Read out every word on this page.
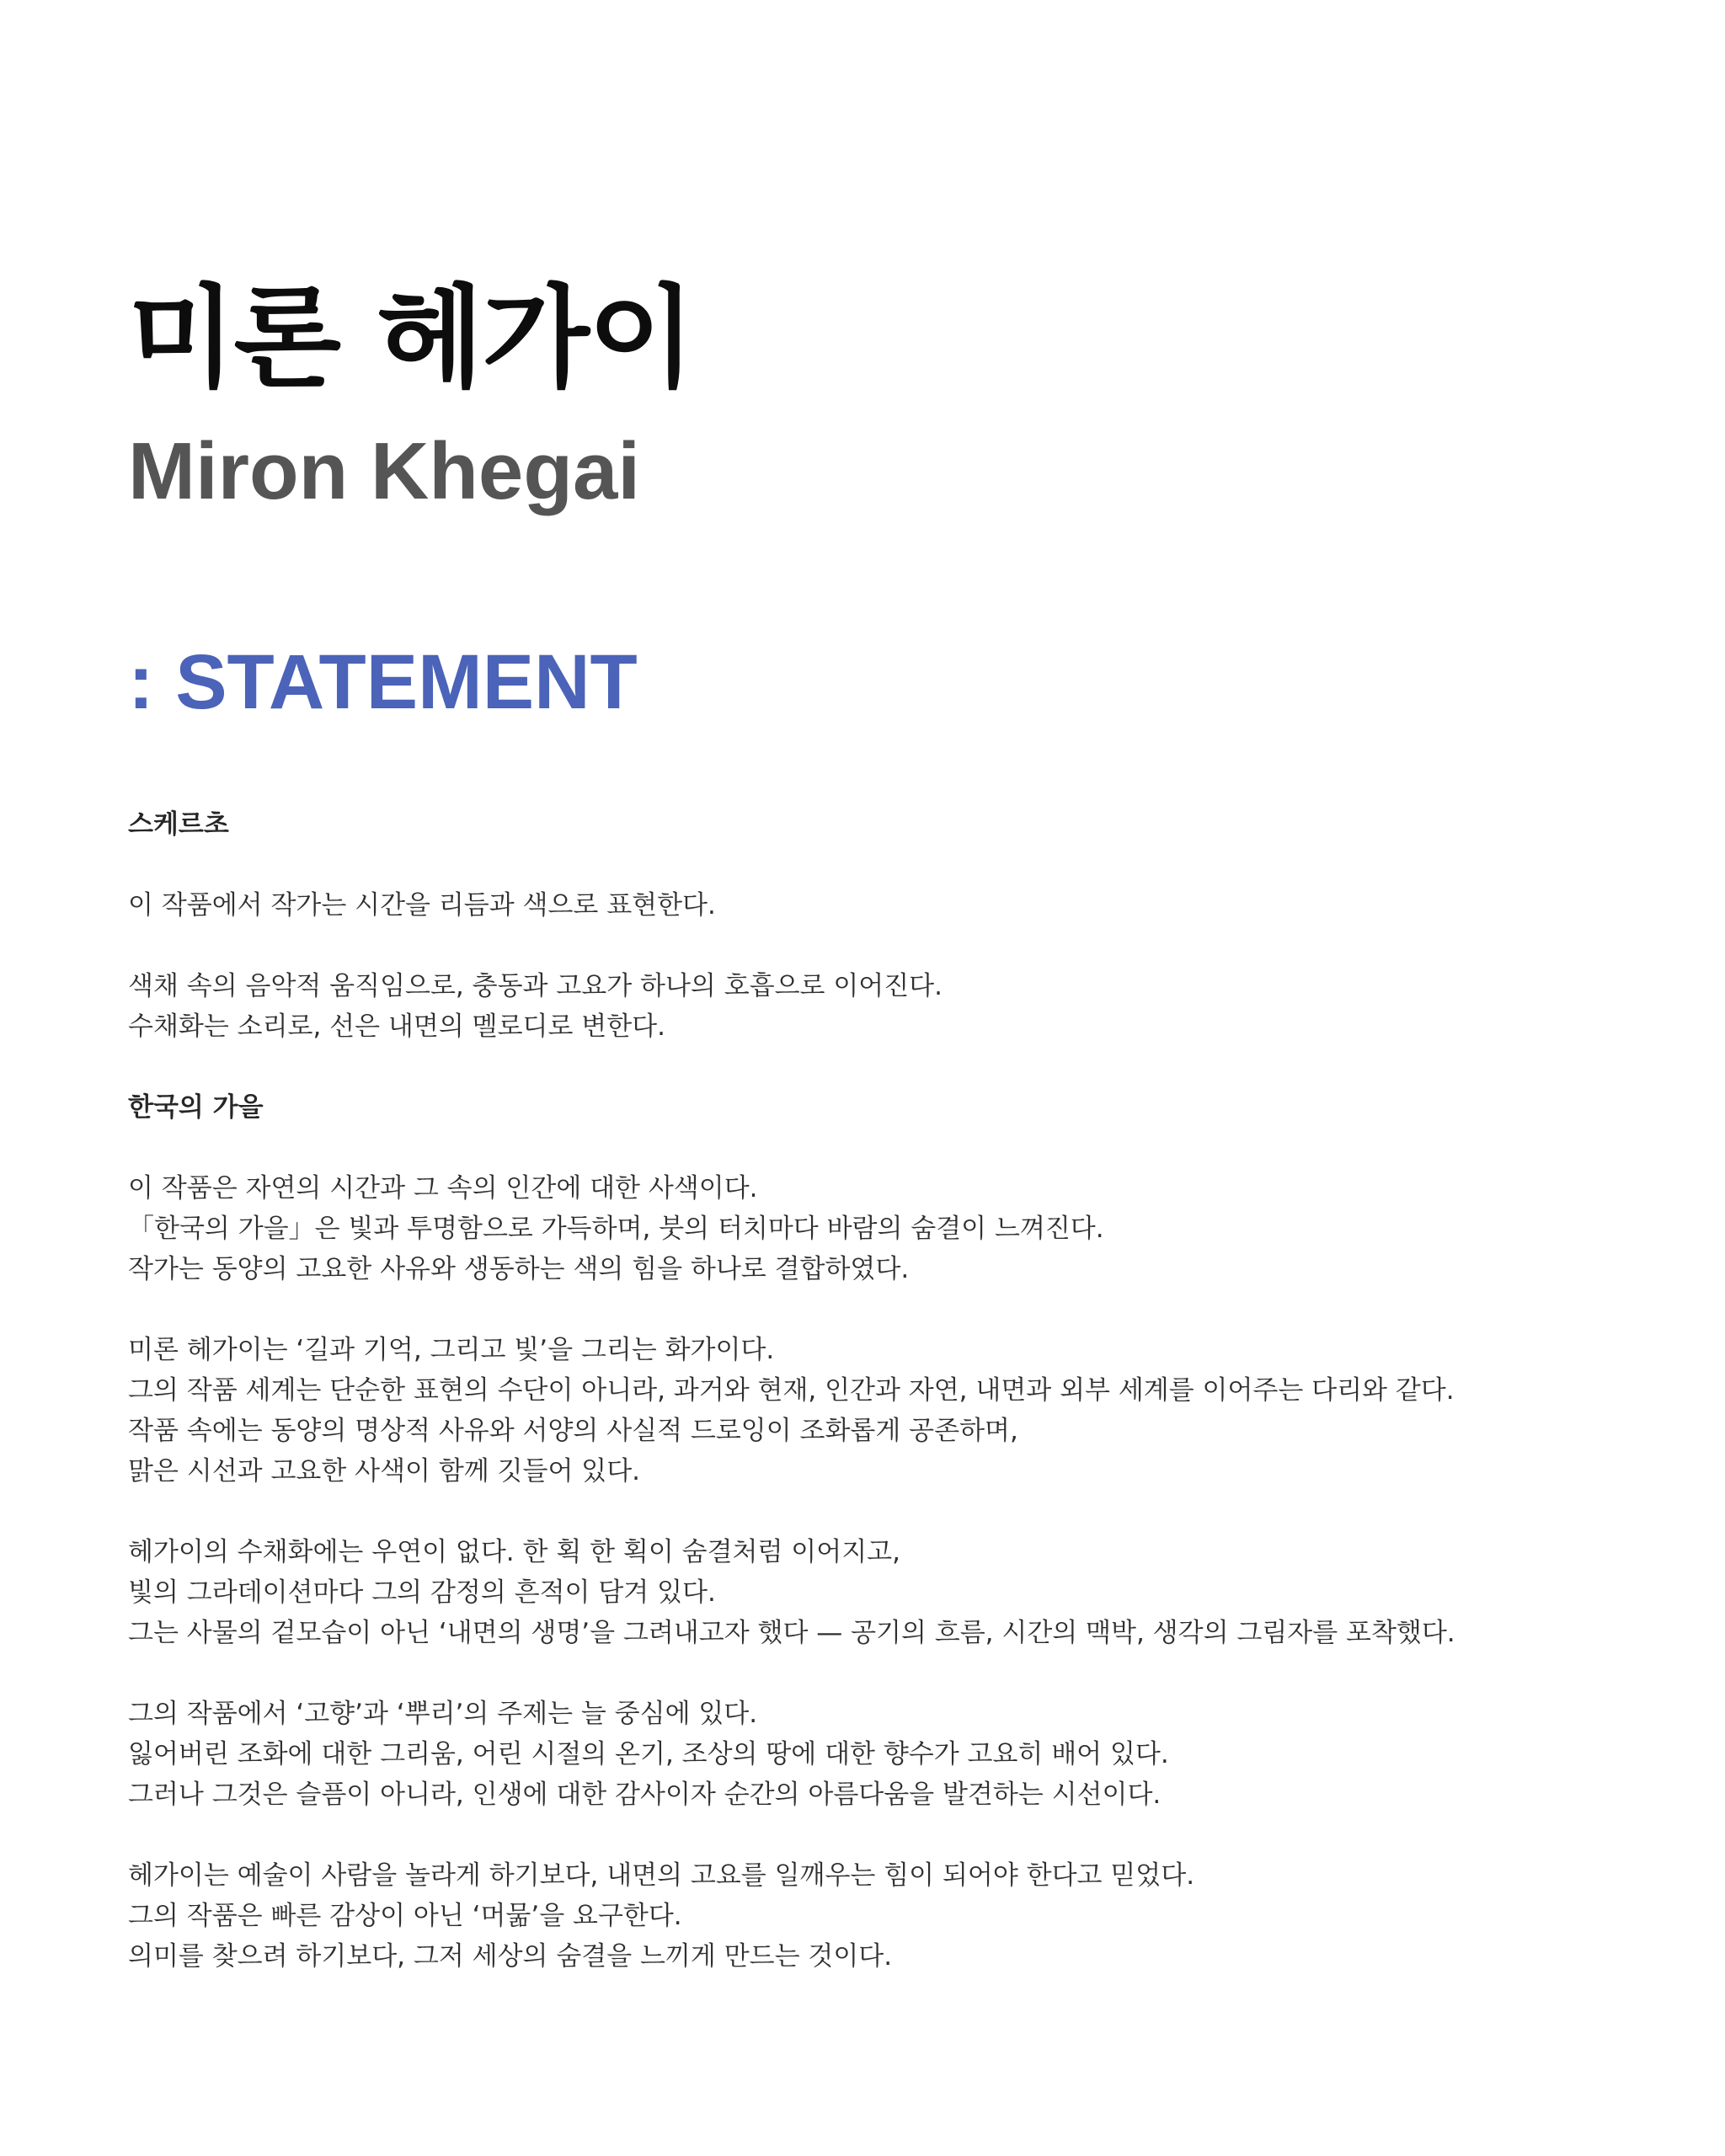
미론 헤가이
Miron Khegai
: STATEMENT
스케르초
이 작품에서 작가는 시간을 리듬과 색으로 표현한다.
색채 속의 음악적 움직임으로, 충동과 고요가 하나의 호흡으로 이어진다.
수채화는 소리로, 선은 내면의 멜로디로 변한다.
한국의 가을
이 작품은 자연의 시간과 그 속의 인간에 대한 사색이다.
「한국의 가을」은 빛과 투명함으로 가득하며, 붓의 터치마다 바람의 숨결이 느껴진다.
작가는 동양의 고요한 사유와 생동하는 색의 힘을 하나로 결합하였다.
미론 헤가이는 ‘길과 기억, 그리고 빛’을 그리는 화가이다.
그의 작품 세계는 단순한 표현의 수단이 아니라, 과거와 현재, 인간과 자연, 내면과 외부 세계를 이어주는 다리와 같다.
작품 속에는 동양의 명상적 사유와 서양의 사실적 드로잉이 조화롭게 공존하며,
맑은 시선과 고요한 사색이 함께 깃들어 있다.
헤가이의 수채화에는 우연이 없다. 한 획 한 획이 숨결처럼 이어지고,
빛의 그라데이션마다 그의 감정의 흔적이 담겨 있다.
그는 사물의 겉모습이 아닌 ‘내면의 생명’을 그려내고자 했다 — 공기의 흐름, 시간의 맥박, 생각의 그림자를 포착했다.
그의 작품에서 ‘고향’과 ‘뿌리’의 주제는 늘 중심에 있다.
잃어버린 조화에 대한 그리움, 어린 시절의 온기, 조상의 땅에 대한 향수가 고요히 배어 있다.
그러나 그것은 슬픔이 아니라, 인생에 대한 감사이자 순간의 아름다움을 발견하는 시선이다.
헤가이는 예술이 사람을 놀라게 하기보다, 내면의 고요를 일깨우는 힘이 되어야 한다고 믿었다.
그의 작품은 빠른 감상이 아닌 ‘머묾’을 요구한다.
의미를 찾으려 하기보다, 그저 세상의 숨결을 느끼게 만드는 것이다.
